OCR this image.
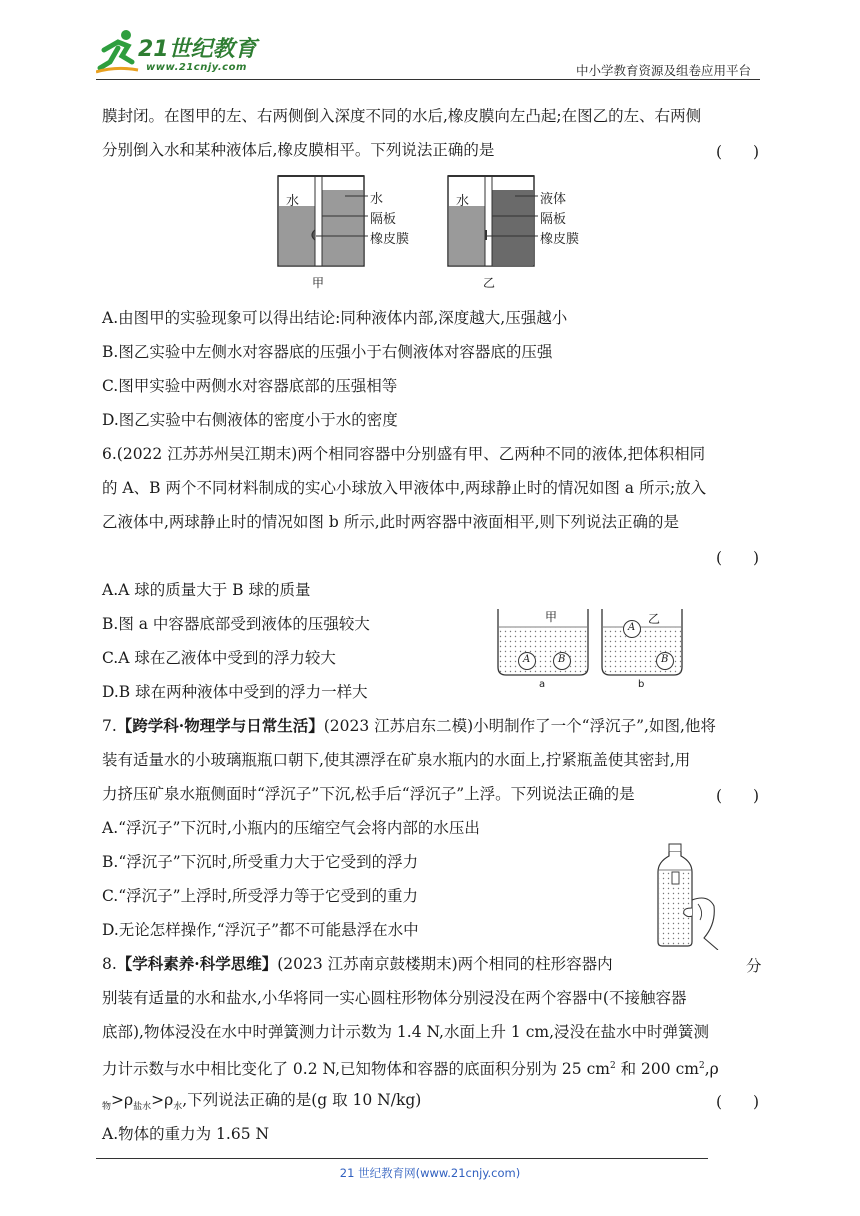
21世纪教育
www.21cnjy.com	中小学教育资源及组卷应用平台
膜封闭。在图甲的左、右两侧倒入深度不同的水后,橡皮膜向左凸起;在图乙的左、右两侧
分别倒入水和某种液体后,橡皮膜相平。下列说法正确的是	(　　)
水	水
隔板
橡皮膜
甲
水	液体
隔板
橡皮膜
乙
A.由图甲的实验现象可以得出结论:同种液体内部,深度越大,压强越小
B.图乙实验中左侧水对容器底的压强小于右侧液体对容器底的压强
C.图甲实验中两侧水对容器底部的压强相等
D.图乙实验中右侧液体的密度小于水的密度
6.(2022 江苏苏州吴江期末)两个相同容器中分别盛有甲、乙两种不同的液体,把体积相同
的 A、B 两个不同材料制成的实心小球放入甲液体中,两球静止时的情况如图 a 所示;放入
乙液体中,两球静止时的情况如图 b 所示,此时两容器中液面相平,则下列说法正确的是
(　　)
A.A 球的质量大于 B 球的质量
B.图 a 中容器底部受到液体的压强较大
C.A 球在乙液体中受到的浮力较大
D.B 球在两种液体中受到的浮力一样大
甲	乙
A	B
A
B
a	b
7.【跨学科·物理学与日常生活】(2023 江苏启东二模)小明制作了一个“浮沉子”,如图,他将
装有适量水的小玻璃瓶瓶口朝下,使其漂浮在矿泉水瓶内的水面上,拧紧瓶盖使其密封,用
力挤压矿泉水瓶侧面时“浮沉子”下沉,松手后“浮沉子”上浮。下列说法正确的是	(　　)
A.“浮沉子”下沉时,小瓶内的压缩空气会将内部的水压出
B.“浮沉子”下沉时,所受重力大于它受到的浮力
C.“浮沉子”上浮时,所受浮力等于它受到的重力
D.无论怎样操作,“浮沉子”都不可能悬浮在水中
8.【学科素养·科学思维】(2023 江苏南京鼓楼期末)两个相同的柱形容器内	分
别装有适量的水和盐水,小华将同一实心圆柱形物体分别浸没在两个容器中(不接触容器
底部),物体浸没在水中时弹簧测力计示数为 1.4 N,水面上升 1 cm,浸没在盐水中时弹簧测
力计示数与水中相比变化了 0.2 N,已知物体和容器的底面积分别为 25 $cm^2$ 和 200 $cm^2,\rho$
$_物>\rho_{盐水}>\rho_水$,下列说法正确的是(g 取 10 N/kg)	(　　)
A.物体的重力为 1.65 N
21 世纪教育网(www.21cnjy.com)
